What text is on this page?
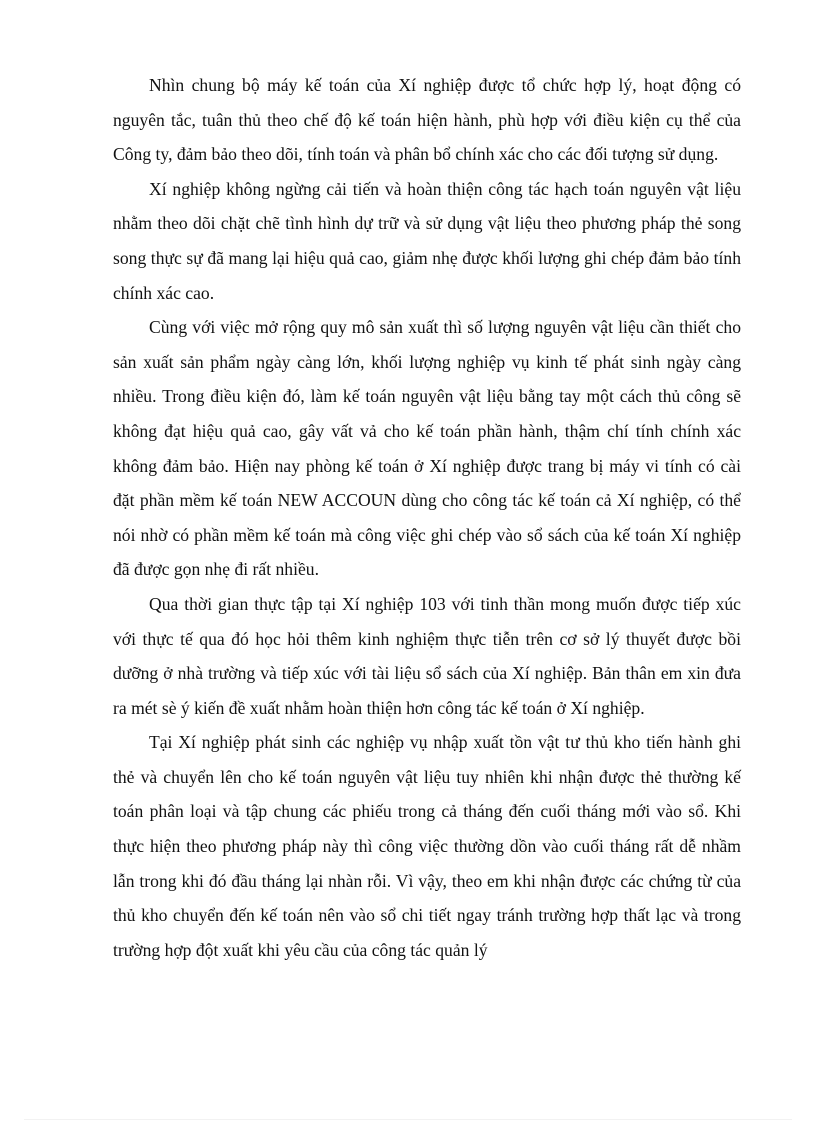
Nhìn chung bộ máy kế toán của Xí nghiệp được tổ chức hợp lý, hoạt động có nguyên tắc, tuân thủ theo chế độ kế toán hiện hành, phù hợp với điều kiện cụ thể của Công ty, đảm bảo theo dõi, tính toán và phân bổ chính xác cho các đối tượng sử dụng.

Xí nghiệp không ngừng cải tiến và hoàn thiện công tác hạch toán nguyên vật liệu nhằm theo dõi chặt chẽ tình hình dự trữ và sử dụng vật liệu theo phương pháp thẻ song song thực sự đã mang lại hiệu quả cao, giảm nhẹ được khối lượng ghi chép đảm bảo tính chính xác cao.

Cùng với việc mở rộng quy mô sản xuất thì số lượng nguyên vật liệu cần thiết cho sản xuất sản phẩm ngày càng lớn, khối lượng nghiệp vụ kinh tế phát sinh ngày càng nhiều. Trong điều kiện đó, làm kế toán nguyên vật liệu bằng tay một cách thủ công sẽ không đạt hiệu quả cao, gây vất vả cho kế toán phần hành, thậm chí tính chính xác không đảm bảo. Hiện nay phòng kế toán ở Xí nghiệp được trang bị máy vi tính có cài đặt phần mềm kế toán NEW ACCOUN dùng cho công tác kế toán cả Xí nghiệp, có thể nói nhờ có phần mềm kế toán mà công việc ghi chép vào sổ sách của kế toán Xí nghiệp đã được gọn nhẹ đi rất nhiều.

Qua thời gian thực tập tại Xí nghiệp 103 với tinh thần mong muốn được tiếp xúc với thực tế qua đó học hỏi thêm kinh nghiệm thực tiễn trên cơ sở lý thuyết được bồi dưỡng ở nhà trường và tiếp xúc với tài liệu sổ sách của Xí nghiệp. Bản thân em xin đưa ra mét sè ý kiến đề xuất nhằm hoàn thiện hơn công tác kế toán ở Xí nghiệp.

Tại Xí nghiệp phát sinh các nghiệp vụ nhập xuất tồn vật tư thủ kho tiến hành ghi thẻ và chuyển lên cho kế toán nguyên vật liệu tuy nhiên khi nhận được thẻ thường kế toán phân loại và tập chung các phiếu trong cả tháng đến cuối tháng mới vào sổ. Khi thực hiện theo phương pháp này thì công việc thường dồn vào cuối tháng rất dễ nhầm lẫn trong khi đó đầu tháng lại nhàn rỗi. Vì vậy, theo em khi nhận được các chứng từ của thủ kho chuyển đến kế toán nên vào sổ chi tiết ngay tránh trường hợp thất lạc và trong trường hợp đột xuất khi yêu cầu của công tác quản lý
